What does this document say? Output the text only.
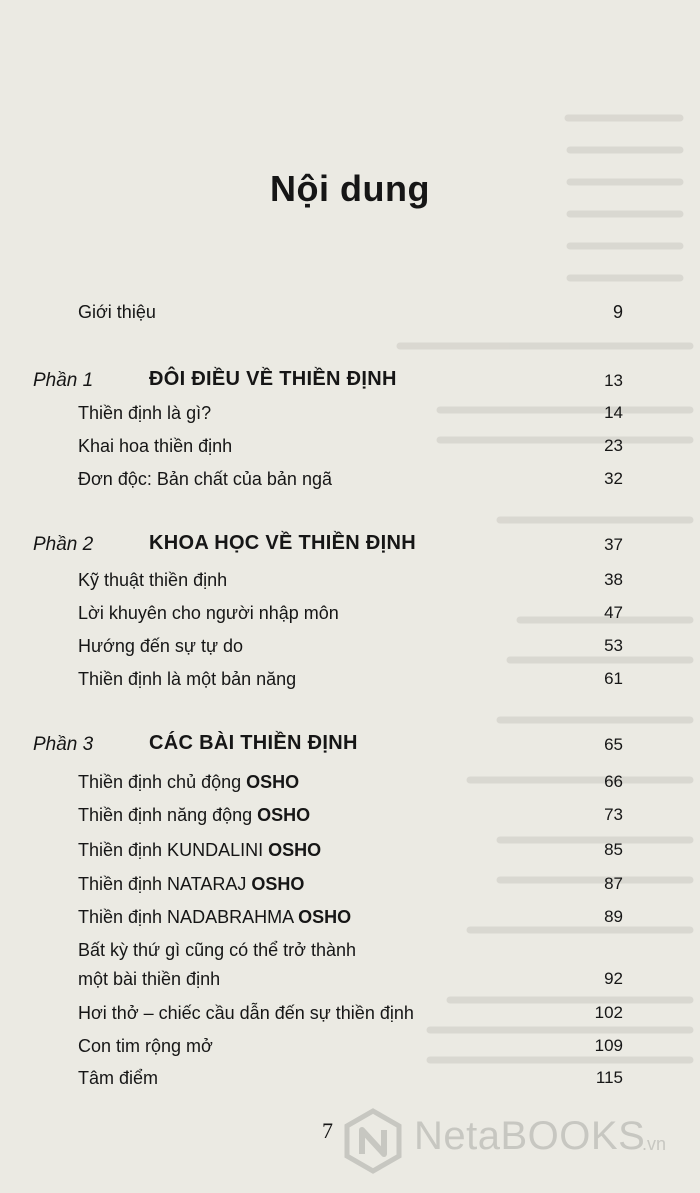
Nội dung
Giới thiệu	9
Phần 1	ĐÔI ĐIỀU VỀ THIỀN ĐỊNH	13
Thiền định là gì?	14
Khai hoa thiền định	23
Đơn độc: Bản chất của bản ngã	32
Phần 2	KHOA HỌC VỀ THIỀN ĐỊNH	37
Kỹ thuật thiền định	38
Lời khuyên cho người nhập môn	47
Hướng đến sự tự do	53
Thiền định là một bản năng	61
Phần 3	CÁC BÀI THIỀN ĐỊNH	65
Thiền định chủ động OSHO	66
Thiền định năng động OSHO	73
Thiền định KUNDALINI OSHO	85
Thiền định NATARAJ OSHO	87
Thiền định NADABRAHMA OSHO	89
Bất kỳ thứ gì cũng có thể trở thành
một bài thiền định	92
Hơi thở – chiếc cầu dẫn đến sự thiền định	102
Con tim rộng mở	109
Tâm điểm	115
7 NetaBOOKS
.vn
